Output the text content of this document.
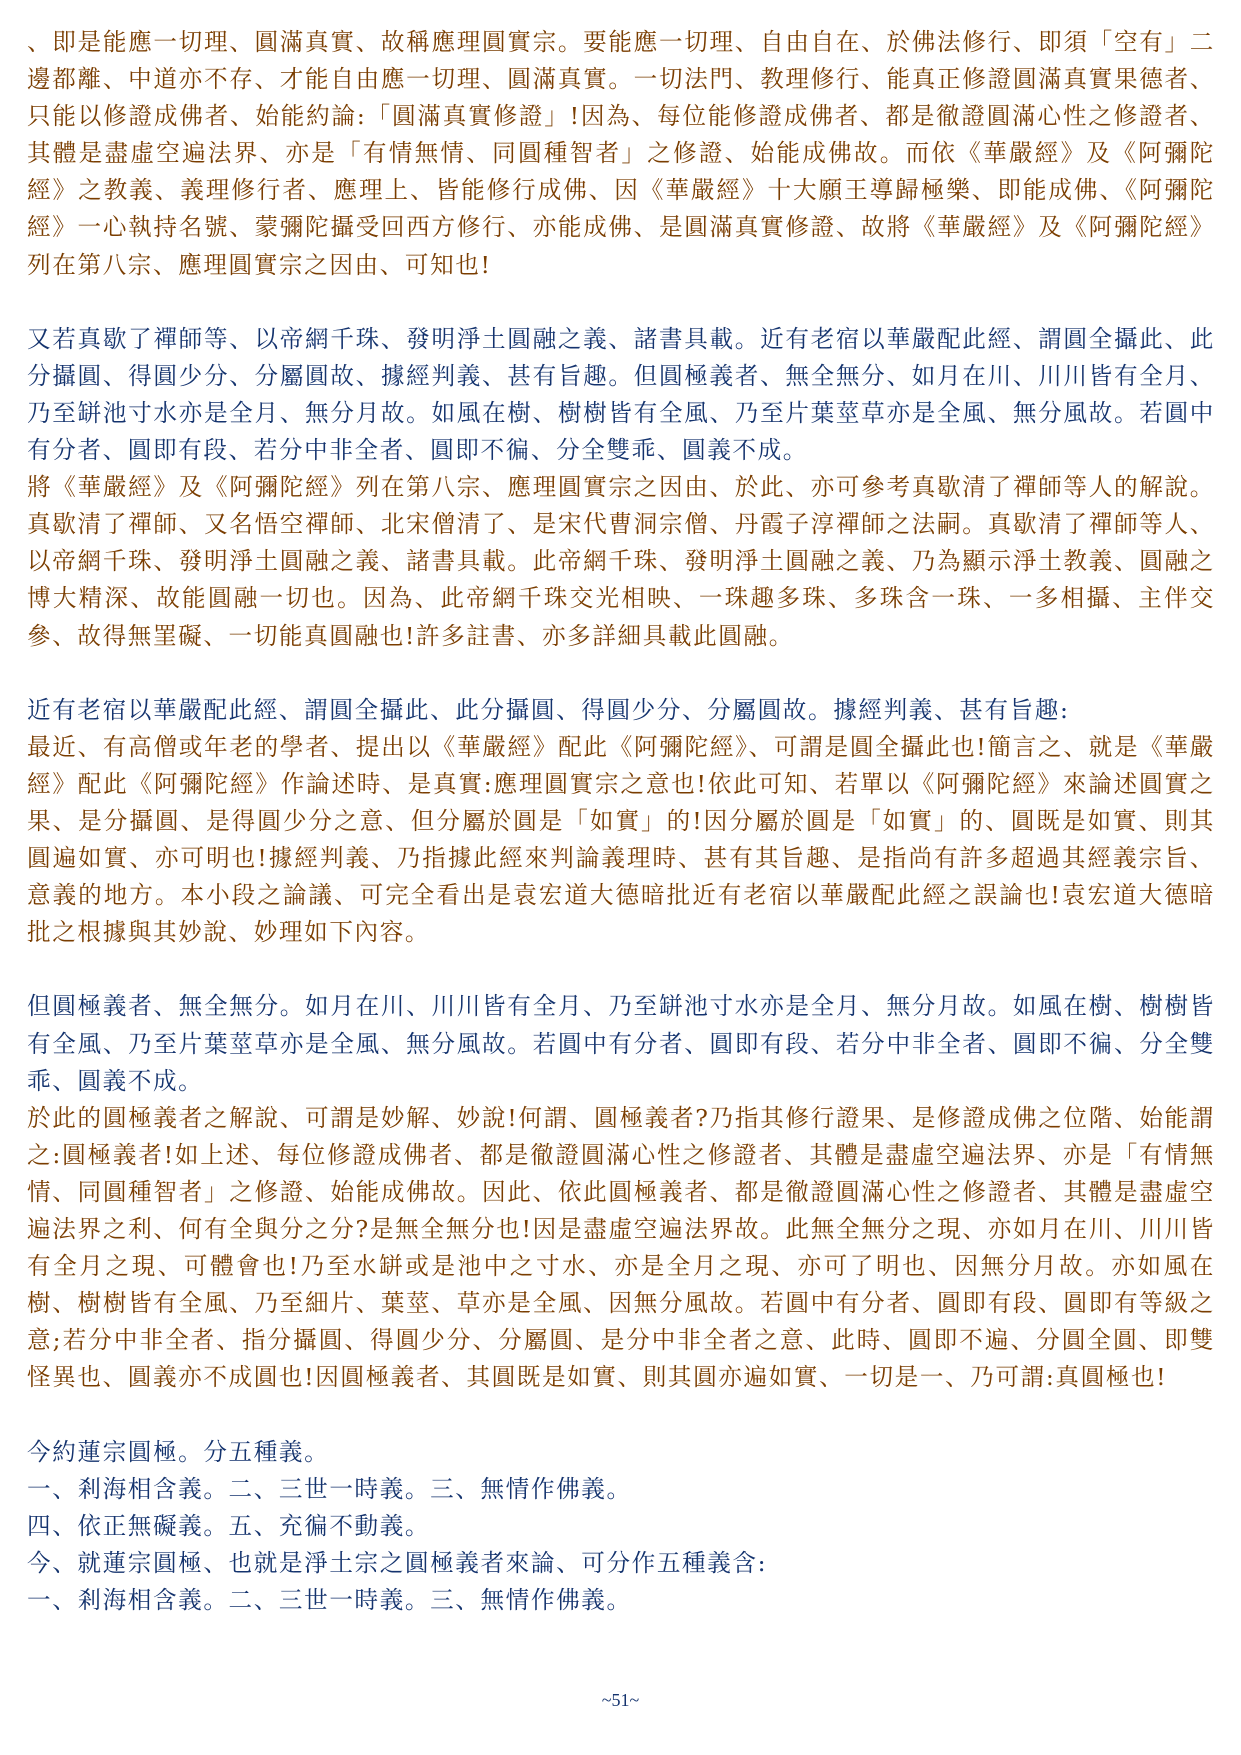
、即是能應一切理、圓滿真實、故稱應理圓實宗。要能應一切理、自由自在、於佛法修行、即須「空有」二邊都離、中道亦不存、才能自由應一切理、圓滿真實。一切法門、教理修行、能真正修證圓滿真實果德者、只能以修證成佛者、始能約論:「圓滿真實修證」!因為、每位能修證成佛者、都是徹證圓滿心性之修證者、其體是盡虛空遍法界、亦是「有情無情、同圓種智者」之修證、始能成佛故。而依《華嚴經》及《阿彌陀經》之教義、義理修行者、應理上、皆能修行成佛、因《華嚴經》十大願王導歸極樂、即能成佛、《阿彌陀經》一心執持名號、蒙彌陀攝受回西方修行、亦能成佛、是圓滿真實修證、故將《華嚴經》及《阿彌陀經》列在第八宗、應理圓實宗之因由、可知也!

又若真歇了禪師等、以帝網千珠、發明淨土圓融之義、諸書具載。近有老宿以華嚴配此經、謂圓全攝此、此分攝圓、得圓少分、分屬圓故、據經判義、甚有旨趣。但圓極義者、無全無分、如月在川、川川皆有全月、乃至缾池寸水亦是全月、無分月故。如風在樹、樹樹皆有全風、乃至片葉莖草亦是全風、無分風故。若圓中有分者、圓即有段、若分中非全者、圓即不徧、分全雙乖、圓義不成。

將《華嚴經》及《阿彌陀經》列在第八宗、應理圓實宗之因由、於此、亦可參考真歇清了禪師等人的解說。真歇清了禪師、又名悟空禪師、北宋僧清了、是宋代曹洞宗僧、丹霞子淳禪師之法嗣。真歇清了禪師等人、以帝網千珠、發明淨土圓融之義、諸書具載。此帝網千珠、發明淨土圓融之義、乃為顯示淨土教義、圓融之博大精深、故能圓融一切也。因為、此帝網千珠交光相映、一珠趣多珠、多珠含一珠、一多相攝、主伴交參、故得無罣礙、一切能真圓融也!許多註書、亦多詳細具載此圓融。

近有老宿以華嚴配此經、謂圓全攝此、此分攝圓、得圓少分、分屬圓故。據經判義、甚有旨趣:

最近、有高僧或年老的學者、提出以《華嚴經》配此《阿彌陀經》、可謂是圓全攝此也!簡言之、就是《華嚴經》配此《阿彌陀經》作論述時、是真實:應理圓實宗之意也!依此可知、若單以《阿彌陀經》來論述圓實之果、是分攝圓、是得圓少分之意、但分屬於圓是「如實」的!因分屬於圓是「如實」的、圓既是如實、則其圓遍如實、亦可明也!據經判義、乃指據此經來判論義理時、甚有其旨趣、是指尚有許多超過其經義宗旨、意義的地方。本小段之論議、可完全看出是袁宏道大德暗批近有老宿以華嚴配此經之誤論也!袁宏道大德暗批之根據與其妙說、妙理如下內容。

但圓極義者、無全無分。如月在川、川川皆有全月、乃至缾池寸水亦是全月、無分月故。如風在樹、樹樹皆有全風、乃至片葉莖草亦是全風、無分風故。若圓中有分者、圓即有段、若分中非全者、圓即不徧、分全雙乖、圓義不成。

於此的圓極義者之解說、可謂是妙解、妙說!何謂、圓極義者?乃指其修行證果、是修證成佛之位階、始能謂之:圓極義者!如上述、每位修證成佛者、都是徹證圓滿心性之修證者、其體是盡虛空遍法界、亦是「有情無情、同圓種智者」之修證、始能成佛故。因此、依此圓極義者、都是徹證圓滿心性之修證者、其體是盡虛空遍法界之利、何有全與分之分?是無全無分也!因是盡虛空遍法界故。此無全無分之現、亦如月在川、川川皆有全月之現、可體會也!乃至水缾或是池中之寸水、亦是全月之現、亦可了明也、因無分月故。亦如風在樹、樹樹皆有全風、乃至細片、葉莖、草亦是全風、因無分風故。若圓中有分者、圓即有段、圓即有等級之意;若分中非全者、指分攝圓、得圓少分、分屬圓、是分中非全者之意、此時、圓即不遍、分圓全圓、即雙怪異也、圓義亦不成圓也!因圓極義者、其圓既是如實、則其圓亦遍如實、一切是一、乃可謂:真圓極也!

今約蓮宗圓極。分五種義。

一、剎海相含義。二、三世一時義。三、無情作佛義。

四、依正無礙義。五、充徧不動義。

今、就蓮宗圓極、也就是淨土宗之圓極義者來論、可分作五種義含:

一、剎海相含義。二、三世一時義。三、無情作佛義。

~51~
